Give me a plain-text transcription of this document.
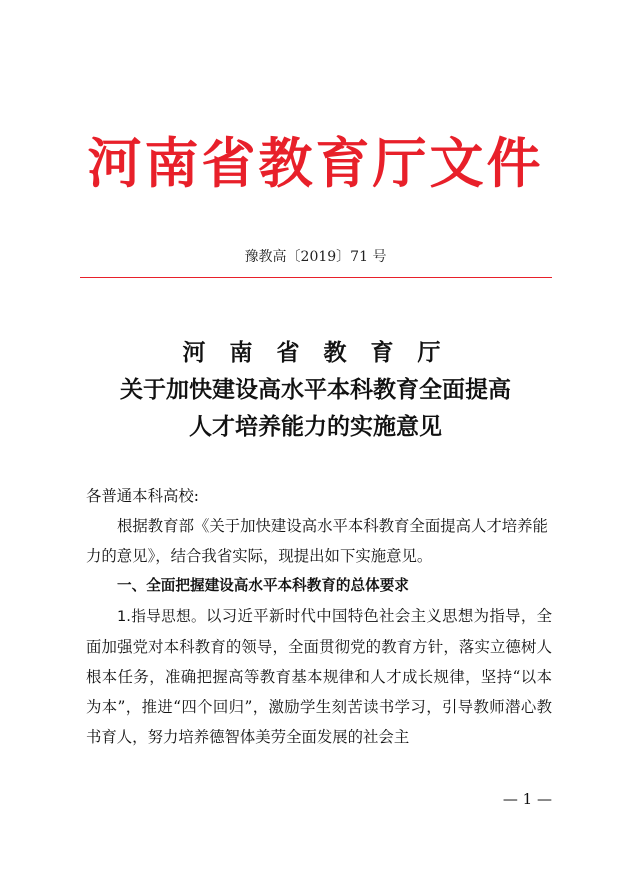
河南省教育厅文件
豫教高〔2019〕71 号
河 南 省 教 育 厅
关于加快建设高水平本科教育全面提高
人才培养能力的实施意见
各普通本科高校:
根据教育部《关于加快建设高水平本科教育全面提高人才培养能力的意见》，结合我省实际，现提出如下实施意见。
一、全面把握建设高水平本科教育的总体要求
1.指导思想。以习近平新时代中国特色社会主义思想为指导，全面加强党对本科教育的领导，全面贯彻党的教育方针，落实立德树人根本任务，准确把握高等教育基本规律和人才成长规律，坚持“以本为本”，推进“四个回归”，激励学生刻苦读书学习，引导教师潜心教书育人，努力培养德智体美劳全面发展的社会主
— 1 —
